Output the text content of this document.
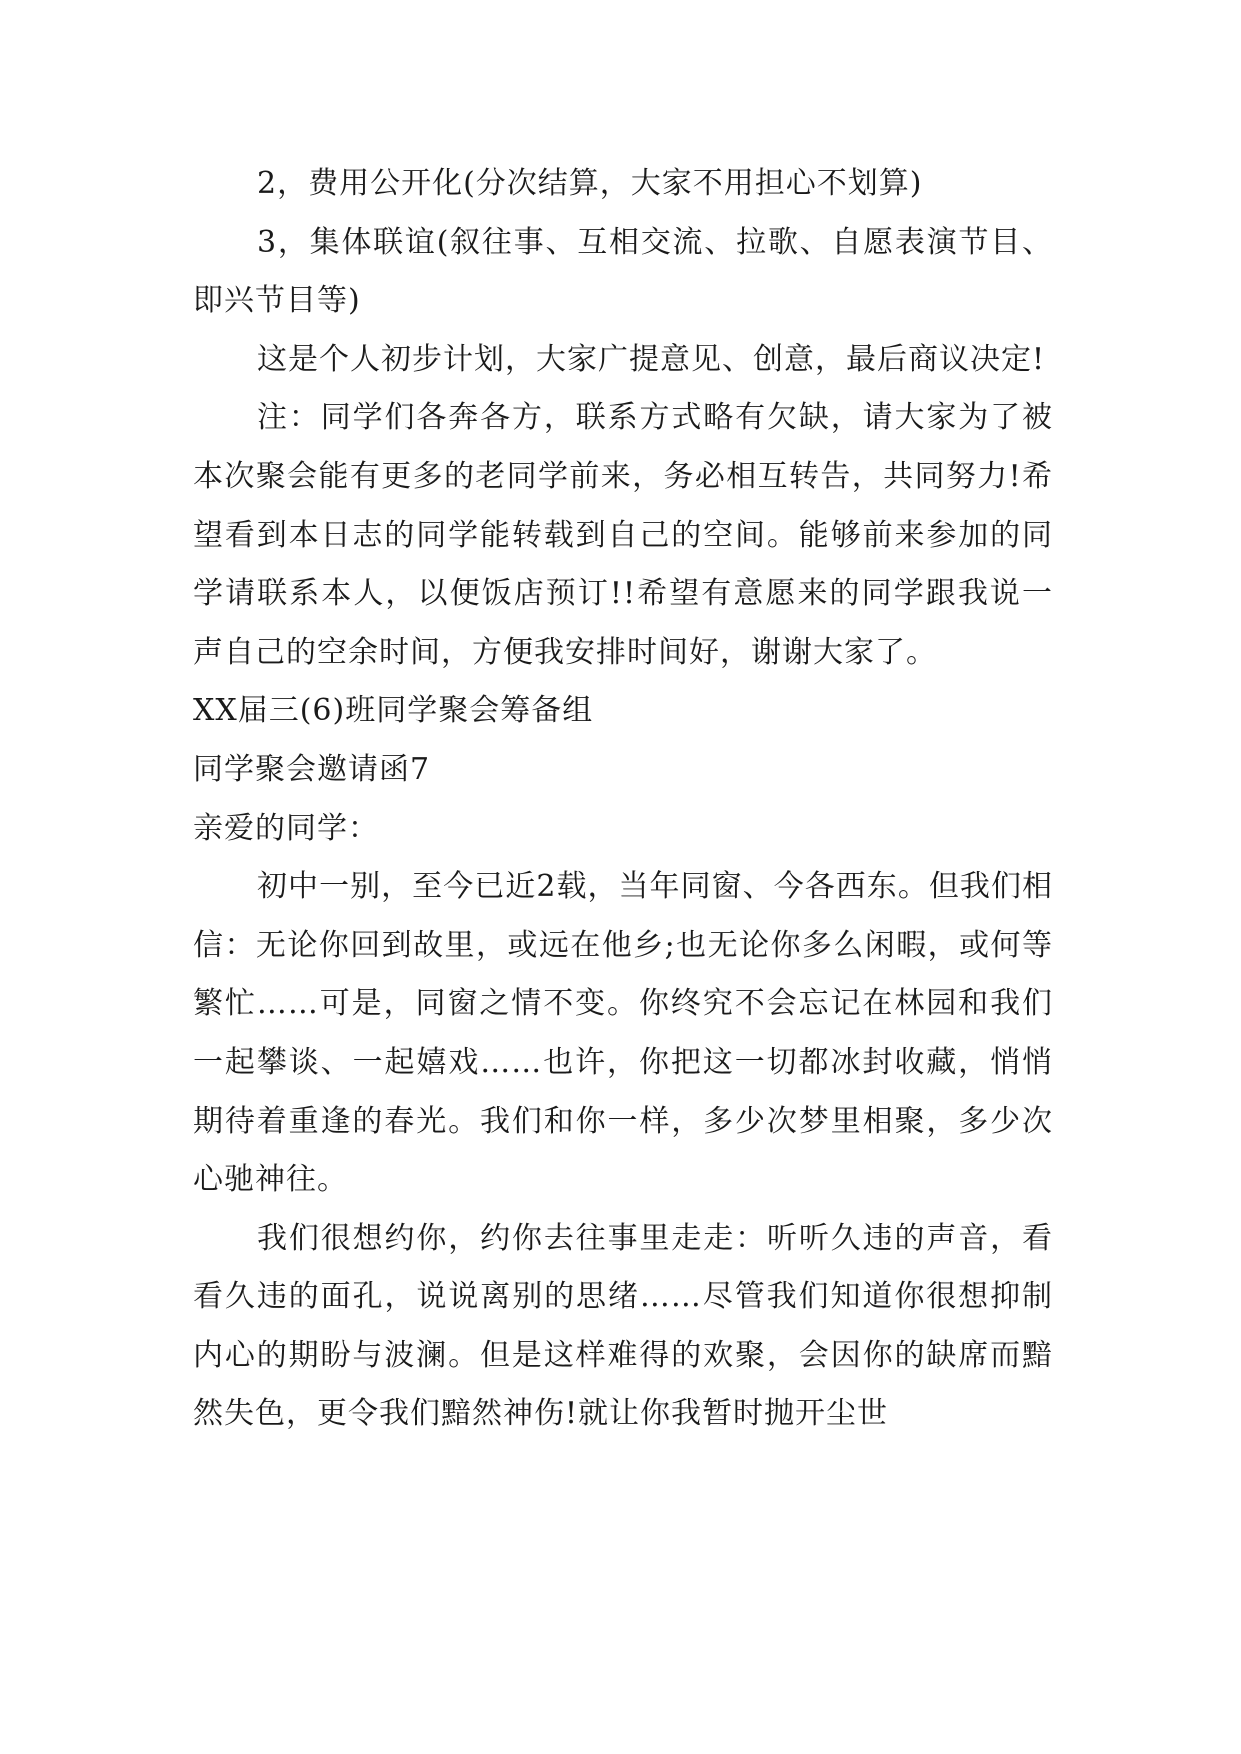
2，费用公开化(分次结算，大家不用担心不划算)

3，集体联谊(叙往事、互相交流、拉歌、自愿表演节目、即兴节目等)

这是个人初步计划，大家广提意见、创意，最后商议决定!

注：同学们各奔各方，联系方式略有欠缺，请大家为了被本次聚会能有更多的老同学前来，务必相互转告，共同努力!希望看到本日志的同学能转载到自己的空间。能够前来参加的同学请联系本人，以便饭店预订!!希望有意愿来的同学跟我说一声自己的空余时间，方便我安排时间好，谢谢大家了。

XX届三(6)班同学聚会筹备组

同学聚会邀请函7

亲爱的同学：

初中一别，至今已近2载，当年同窗、今各西东。但我们相信：无论你回到故里，或远在他乡;也无论你多么闲暇，或何等繁忙……可是，同窗之情不变。你终究不会忘记在林园和我们一起攀谈、一起嬉戏……也许，你把这一切都冰封收藏，悄悄期待着重逢的春光。我们和你一样，多少次梦里相聚，多少次心驰神往。

我们很想约你，约你去往事里走走：听听久违的声音，看看久违的面孔，说说离别的思绪……尽管我们知道你很想抑制内心的期盼与波澜。但是这样难得的欢聚，会因你的缺席而黯然失色，更令我们黯然神伤!就让你我暂时抛开尘世
